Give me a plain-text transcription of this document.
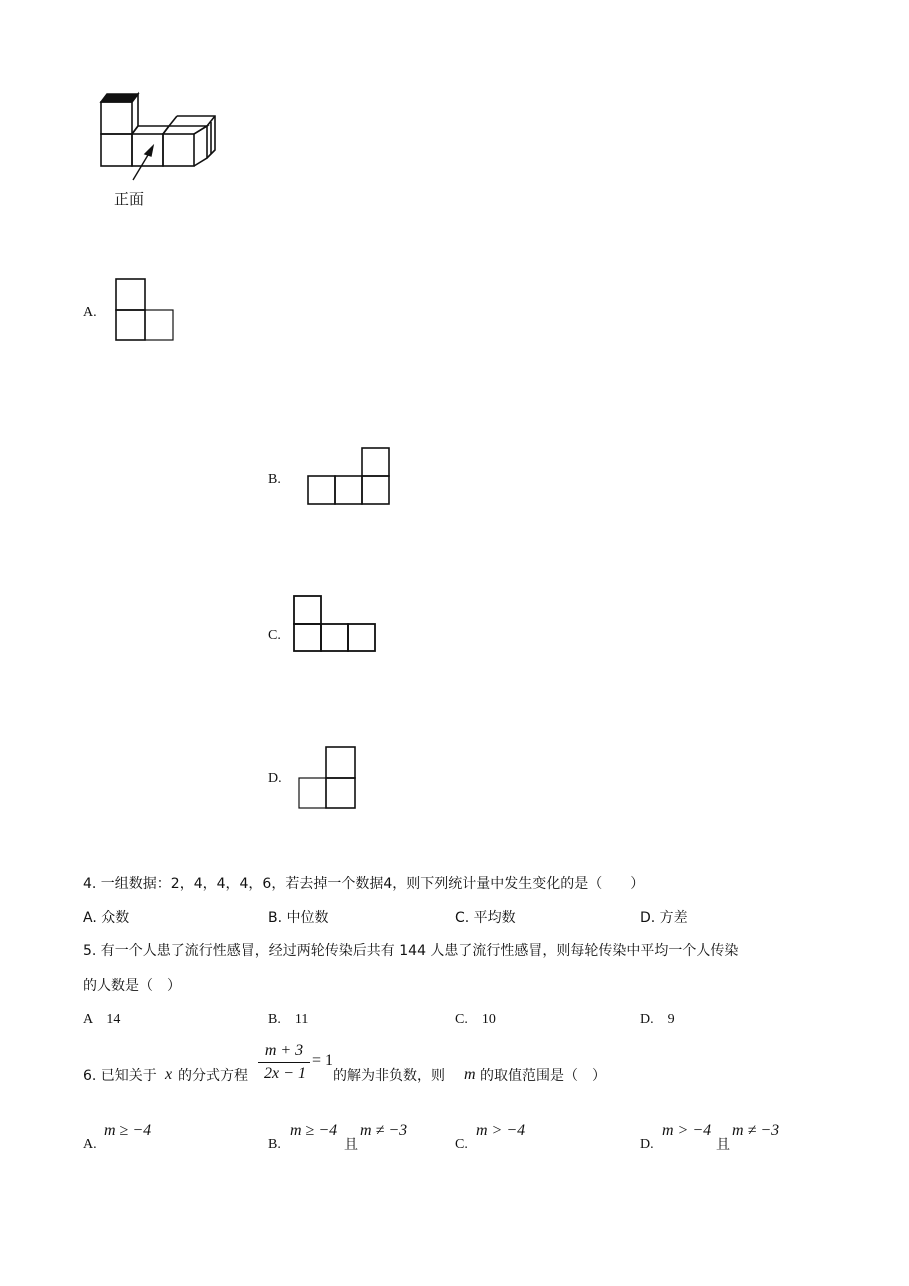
正面
A.
B.
C.
D.
4. 一组数据：2，4，4，4，6，若去掉一个数据4，则下列统计量中发生变化的是（　　）
A. 众数	B. 中位数	C. 平均数	D. 方差
5. 有一个人患了流行性感冒，经过两轮传染后共有 144 人患了流行性感冒，则每轮传染中平均一个人传染
的人数是（　）
A　14	B.　11	C.　10	D.　9
6. 已知关于 x 的分式方程
m + 3
2x − 1
= 1
的解为非负数，则 m 的取值范围是（　）
A.
m ≥ −4
B.
m ≥ −4
且
m ≠ −3
C.
m > −4
D.
m > −4
且
m ≠ −3
